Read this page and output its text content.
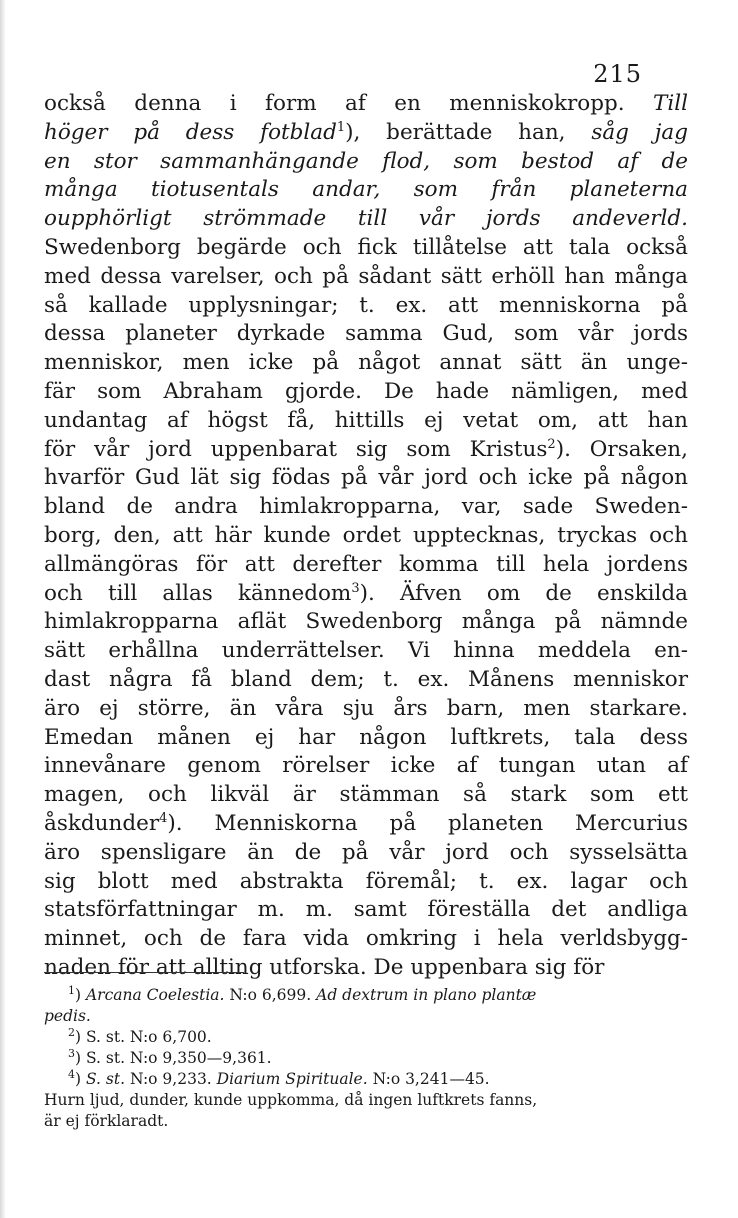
215
också denna i form af en menniskokropp. Till
höger på dess fotblad$^1$), berättade han, såg jag
en stor sammanhängande flod, som bestod af de
många tiotusentals andar, som från planeterna
oupphörligt strömmade till vår jords andeverld.
Swedenborg begärde och fick tillåtelse att tala också
med dessa varelser, och på sådant sätt erhöll han många
så kallade upplysningar; t. ex. att menniskorna på
dessa planeter dyrkade samma Gud, som vår jords
menniskor, men icke på något annat sätt än unge-
fär som Abraham gjorde. De hade nämligen, med
undantag af högst få, hittills ej vetat om, att han
för vår jord uppenbarat sig som Kristus$^2$). Orsaken,
hvarför Gud lät sig födas på vår jord och icke på någon
bland de andra himlakropparna, var, sade Sweden-
borg, den, att här kunde ordet upptecknas, tryckas och
allmängöras för att derefter komma till hela jordens
och till allas kännedom$^3$). Äfven om de enskilda
himlakropparna aflät Swedenborg många på nämnde
sätt erhållna underrättelser. Vi hinna meddela en-
dast några få bland dem; t. ex. Månens menniskor
äro ej större, än våra sju års barn, men starkare.
Emedan månen ej har någon luftkrets, tala dess
innevånare genom rörelser icke af tungan utan af
magen, och likväl är stämman så stark som ett
åskdunder$^4$). Menniskorna på planeten Mercurius
äro spensligare än de på vår jord och sysselsätta
sig blott med abstrakta föremål; t. ex. lagar och
statsförfattningar m. m. samt föreställa det andliga
minnet, och de fara vida omkring i hela verldsbygg-
naden för att allting utforska. De uppenbara sig för
$^1$) Arcana Coelestia. N:o 6,699. Ad dextrum in plano plantæ
pedis.
$^2$) S. st. N:o 6,700.
$^3$) S. st. N:o 9,350—9,361.
$^4$) S. st. N:o 9,233. Diarium Spirituale. N:o 3,241—45.
Hurn ljud, dunder, kunde uppkomma, då ingen luftkrets fanns,
är ej förklaradt.
